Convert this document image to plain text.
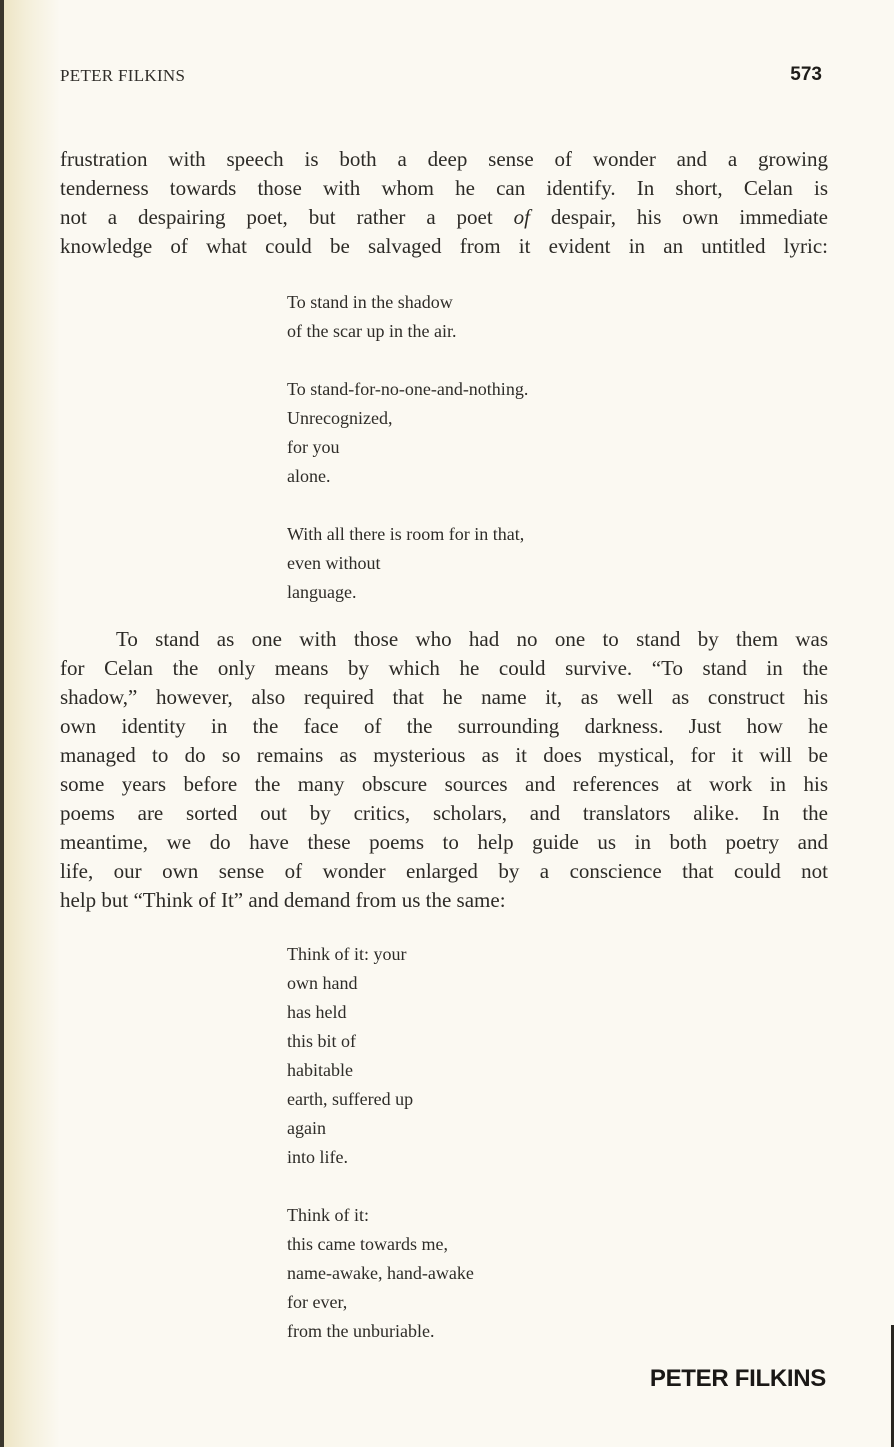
PETER FILKINS	573

frustration with speech is both a deep sense of wonder and a growing
tenderness towards those with whom he can identify. In short, Celan is
not a despairing poet, but rather a poet of despair, his own immediate
knowledge of what could be salvaged from it evident in an untitled lyric:

To stand in the shadow
of the scar up in the air.
To stand-for-no-one-and-nothing.
Unrecognized,
for you
alone.
With all there is room for in that,
even without
language.

To stand as one with those who had no one to stand by them was
for Celan the only means by which he could survive. “To stand in the
shadow,” however, also required that he name it, as well as construct his
own identity in the face of the surrounding darkness. Just how he
managed to do so remains as mysterious as it does mystical, for it will be
some years before the many obscure sources and references at work in his
poems are sorted out by critics, scholars, and translators alike. In the
meantime, we do have these poems to help guide us in both poetry and
life, our own sense of wonder enlarged by a conscience that could not
help but “Think of It” and demand from us the same:

Think of it: your
own hand
has held
this bit of
habitable
earth, suffered up
again
into life.
Think of it:
this came towards me,
name-awake, hand-awake
for ever,
from the unburiable.
PETER FILKINS
